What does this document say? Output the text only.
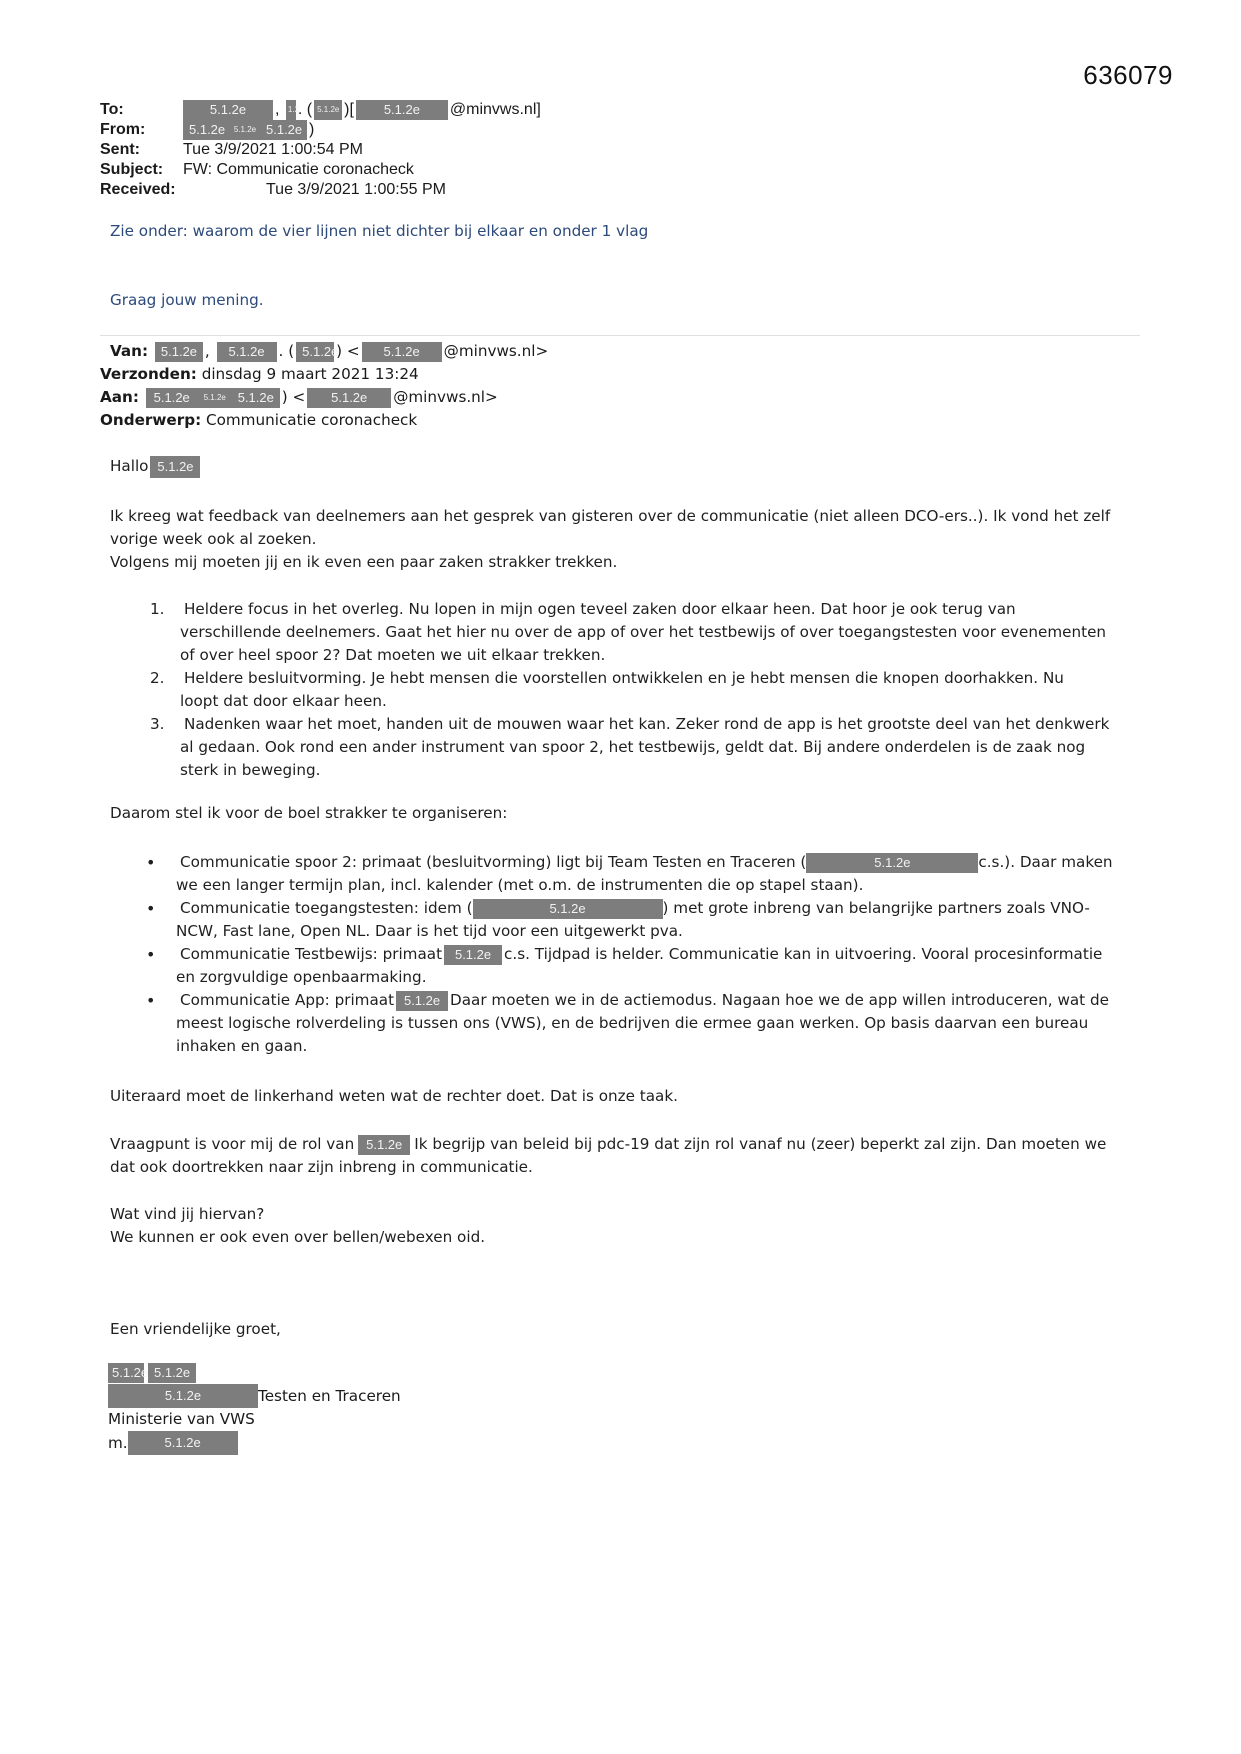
636079
To:	5.1.2e	, 1.2
. ( 5.1.2e )[	5.1.2e	@minvws.nl]
From:	5.1.2e	5.1.2e 5.1.2e )
Sent:	Tue 3/9/2021 1:00:54 PM
Subject:	FW: Communicatie coronacheck
Received:	Tue 3/9/2021 1:00:55 PM

Zie onder: waarom de vier lijnen niet dichter bij elkaar en onder 1 vlag

Graag jouw mening.

Van:
5.1.2e ,	5.1.2e . ( 5.1.2e
) <	5.1.2e	@minvws.nl>
Verzonden:
dinsdag 9 maart 2021 13:24
Aan:
	5.1.2e	5.1.2e 5.1.2e ) <	5.1.2e	@minvws.nl>
Onderwerp:
Communicatie coronacheck

Hallo 5.1.2e

Ik kreeg wat feedback van deelnemers aan het gesprek van gisteren over de communicatie (niet alleen DCO-ers..). Ik vond het zelf

vorige week ook al zoeken.

Volgens mij moeten jij en ik even een paar zaken strakker trekken.

1. Heldere focus in het overleg. Nu lopen in mijn ogen teveel zaken door elkaar heen. Dat hoor je ook terug van
verschillende deelnemers. Gaat het hier nu over de app of over het testbewijs of over toegangstesten voor evenementen
of over heel spoor 2? Dat moeten we uit elkaar trekken.
2. Heldere besluitvorming. Je hebt mensen die voorstellen ontwikkelen en je hebt mensen die knopen doorhakken. Nu
loopt dat door elkaar heen.
3. Nadenken waar het moet, handen uit de mouwen waar het kan. Zeker rond de app is het grootste deel van het denkwerk
al gedaan. Ook rond een ander instrument van spoor 2, het testbewijs, geldt dat. Bij andere onderdelen is de zaak nog
sterk in beweging.

Daarom stel ik voor de boel strakker te organiseren:

• Communicatie spoor 2: primaat (besluitvorming) ligt bij Team Testen en Traceren (	5.1.2e	c.s.). Daar maken
we een langer termijn plan, incl. kalender (met o.m. de instrumenten die op stapel staan).
• Communicatie toegangstesten: idem (	5.1.2e	) met grote inbreng van belangrijke partners zoals VNO-
NCW, Fast lane, Open NL. Daar is het tijd voor een uitgewerkt pva.
• Communicatie Testbewijs: primaat 5.1.2e c.s. Tijdpad is helder. Communicatie kan in uitvoering. Vooral procesinformatie
en zorgvuldige openbaarmaking.
• Communicatie App: primaat 5.1.2e Daar moeten we in de actiemodus. Nagaan hoe we de app willen introduceren, wat de
meest logische rolverdeling is tussen ons (VWS), en de bedrijven die ermee gaan werken. Op basis daarvan een bureau
inhaken en gaan.

Uiteraard moet de linkerhand weten wat de rechter doet. Dat is onze taak.

Vraagpunt is voor mij de rol van 5.1.2e Ik begrijp van beleid bij pdc-19 dat zijn rol vanaf nu (zeer) beperkt zal zijn. Dan moeten we

dat ook doortrekken naar zijn inbreng in communicatie.

Wat vind jij hiervan?

We kunnen er ook even over bellen/webexen oid.

Een vriendelijke groet,

5.1.2e 5.1.2e
5.1.2e	Testen en Traceren
Ministerie van VWS
m.	5.1.2e
